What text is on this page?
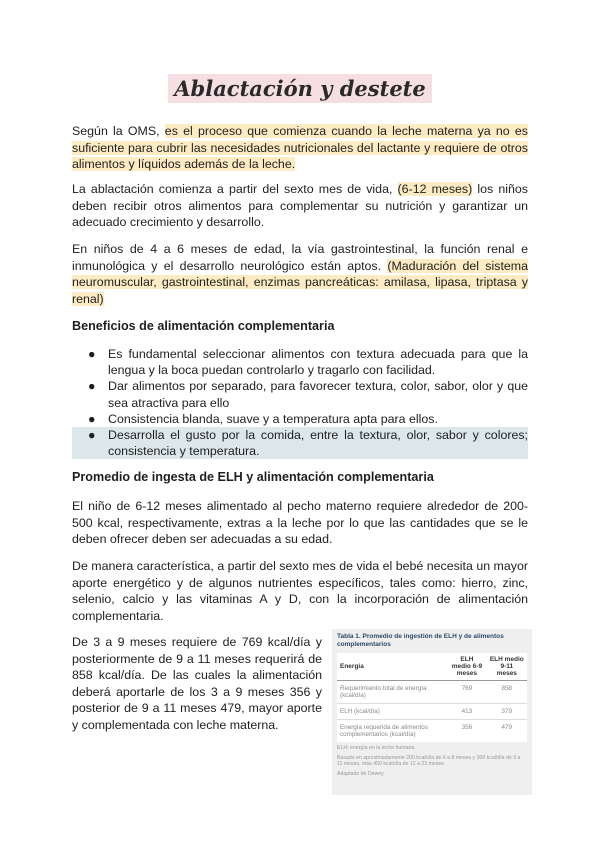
Ablactación y destete

Según la OMS, es el proceso que comienza cuando la leche materna ya no es suficiente para cubrir las necesidades nutricionales del lactante y requiere de otros alimentos y líquidos además de la leche.

La ablactación comienza a partir del sexto mes de vida, (6-12 meses) los niños deben recibir otros alimentos para complementar su nutrición y garantizar un adecuado crecimiento y desarrollo.

En niños de 4 a 6 meses de edad, la vía gastrointestinal, la función renal e inmunológica y el desarrollo neurológico están aptos. (Maduración del sistema neuromuscular, gastrointestinal, enzimas pancreáticas: amilasa, lipasa, triptasa y renal)

Beneficios de alimentación complementaria
● Es fundamental seleccionar alimentos con textura adecuada para que la lengua y la boca puedan controlarlo y tragarlo con facilidad.
● Dar alimentos por separado, para favorecer textura, color, sabor, olor y que sea atractiva para ello
● Consistencia blanda, suave y a temperatura apta para ellos.
● Desarrolla el gusto por la comida, entre la textura, olor, sabor y colores; consistencia y temperatura.
Promedio de ingesta de ELH y alimentación complementaria

El niño de 6-12 meses alimentado al pecho materno requiere alrededor de 200-500 kcal, respectivamente, extras a la leche por lo que las cantidades que se le deben ofrecer deben ser adecuadas a su edad.

De manera característica, a partir del sexto mes de vida el bebé necesita un mayor aporte energético y de algunos nutrientes específicos, tales como: hierro, zinc, selenio, calcio y las vitaminas A y D, con la incorporación de alimentación complementaria.

De 3 a 9 meses requiere de 769 kcal/día y posteriormente de 9 a 11 meses requerirá de 858 kcal/día. De las cuales la alimentación deberá aportarle de los 3 a 9 meses 356 y posterior de 9 a 11 meses 479, mayor aporte y complementada con leche materna.

Tabla 1. Promedio de ingestión de ELH y de alimentos complementarios
Energía	ELH medio 6-9 meses	ELH medio 9-11 meses
Requerimiento total de energía (kcal/día)	769	858
ELH (kcal/día)	413	379
Energía requerida de alimentos complementarios (kcal/día)	356	479
ELH: energía en la leche humana.
Basado en aproximadamente 200 kcal/día de 6 a 8 meses y 300 kcal/día de 9 a 11 meses, más 450 kcal/día de 12 a 23 meses.
Adaptado de Dewey.
